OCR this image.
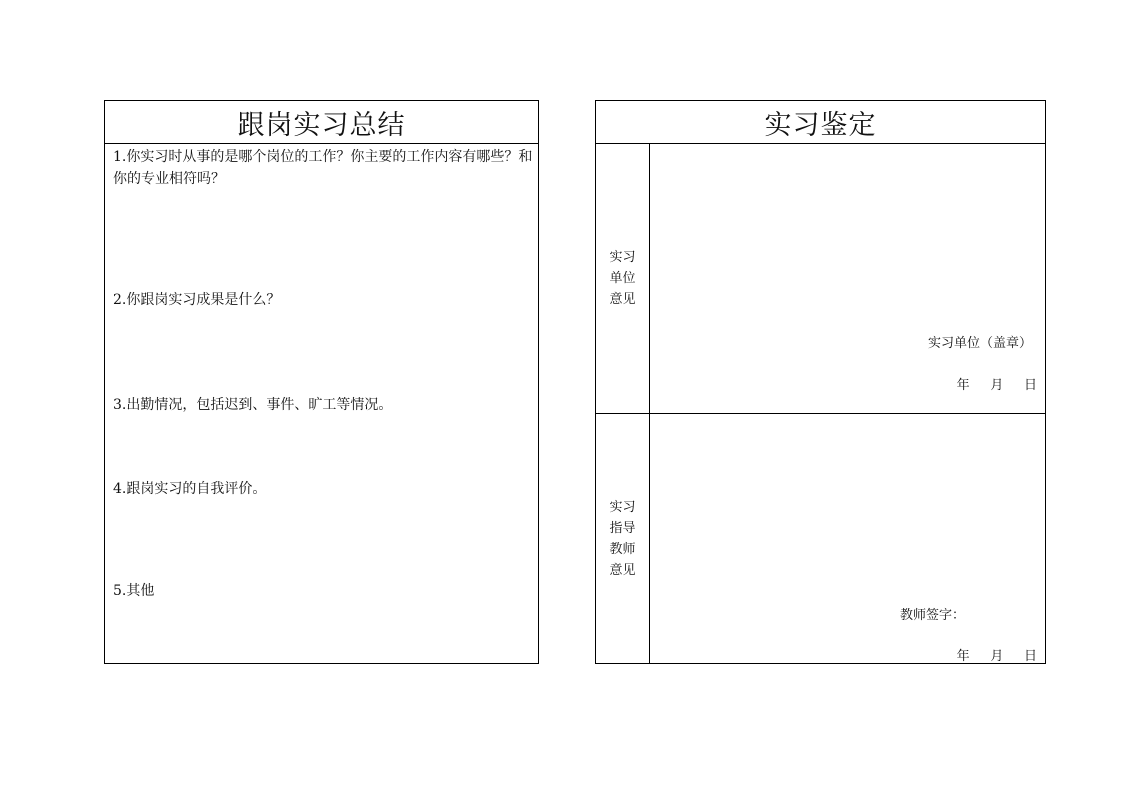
跟岗实习总结
1.你实习时从事的是哪个岗位的工作？你主要的工作内容有哪些？和你的专业相符吗？
2.你跟岗实习成果是什么？
3.出勤情况，包括迟到、事件、旷工等情况。
4.跟岗实习的自我评价。
5.其他
实习鉴定
实习
单位
意见
实习单位（盖章）
年     月     日
实习
指导
教师
意见
教师签字：
年     月     日
